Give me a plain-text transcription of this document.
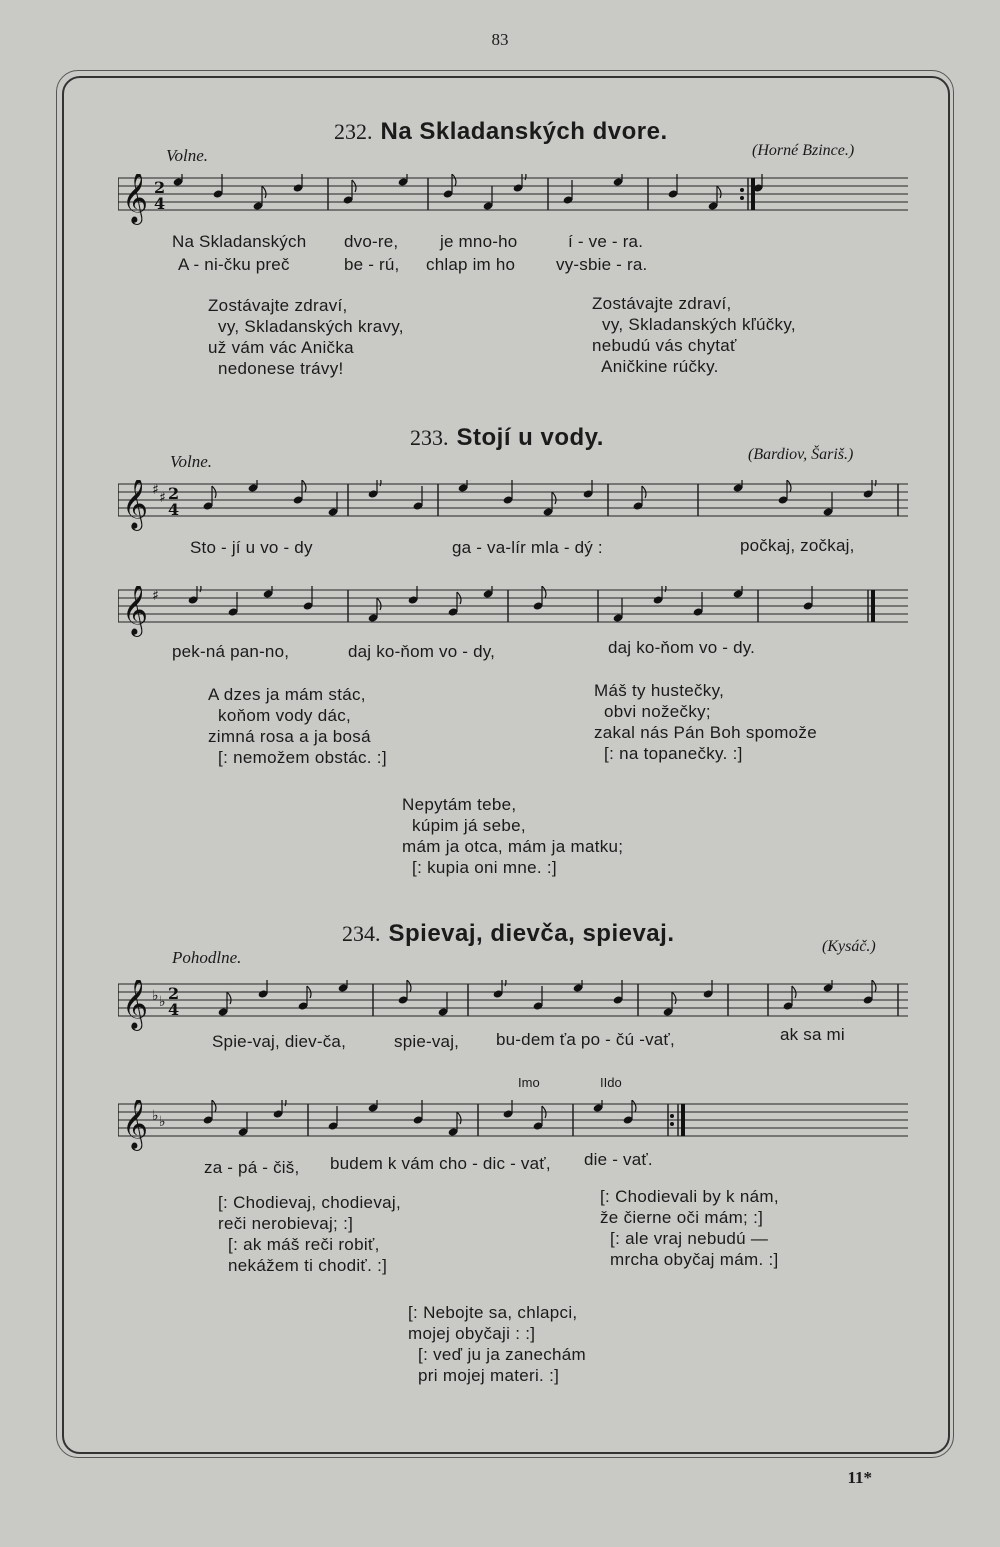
83
232. Na Skladanských dvore.
Volne.	(Horné Bzince.)
𝄞 2
4
Na Skladanských dvo-re, je mno-ho	í - ve - ra.
A - ni-čku preč	be - rú, chlap im ho vy-sbie - ra.
Zostávajte zdraví,
vy, Skladanských kravy,
už vám vác Anička
nedonese trávy!
Zostávajte zdraví,
vy, Skladanských kľúčky,
nebudú vás chytať
Aničkine rúčky.
233. Stojí u vody.
Volne.	(Bardiov, Šariš.)
𝄞 ♯ ♯ 2
4
Sto - jí u vo - dy	ga - va-lír mla - dý :	počkaj, zočkaj,
𝄞 ♯
pek-ná pan-no,	daj ko-ňom vo - dy,	daj ko-ňom vo - dy.
A dzes ja mám stác,
koňom vody dác,
zimná rosa a ja bosá
[: nemožem obstác. :]
Máš ty hustečky,
obvi nožečky;
zakal nás Pán Boh spomože
[: na topanečky. :]
Nepytám tebe,
kúpim já sebe,
mám ja otca, mám ja matku;
[: kupia oni mne. :]
234. Spievaj, dievča, spievaj.
Pohodlne.
(Kysáč.)
𝄞 ♭ ♭ 2
4
Spie-vaj, diev-ča,	spie-vaj, bu-dem ťa po - čú -vať,	ak sa mi
Imo	IIdo
𝄞 ♭ ♭
za - pá - čiš, budem k vám cho - dic - vať, die - vať.
[: Chodievaj, chodievaj,
reči nerobievaj; :]
[: ak máš reči robiť,
nekážem ti chodiť. :]
[: Chodievali by k nám,
že čierne oči mám; :]
[: ale vraj nebudú —
mrcha obyčaj mám. :]
[: Nebojte sa, chlapci,
mojej obyčaji : :]
[: veď ju ja zanechám
pri mojej materi. :]
11*
